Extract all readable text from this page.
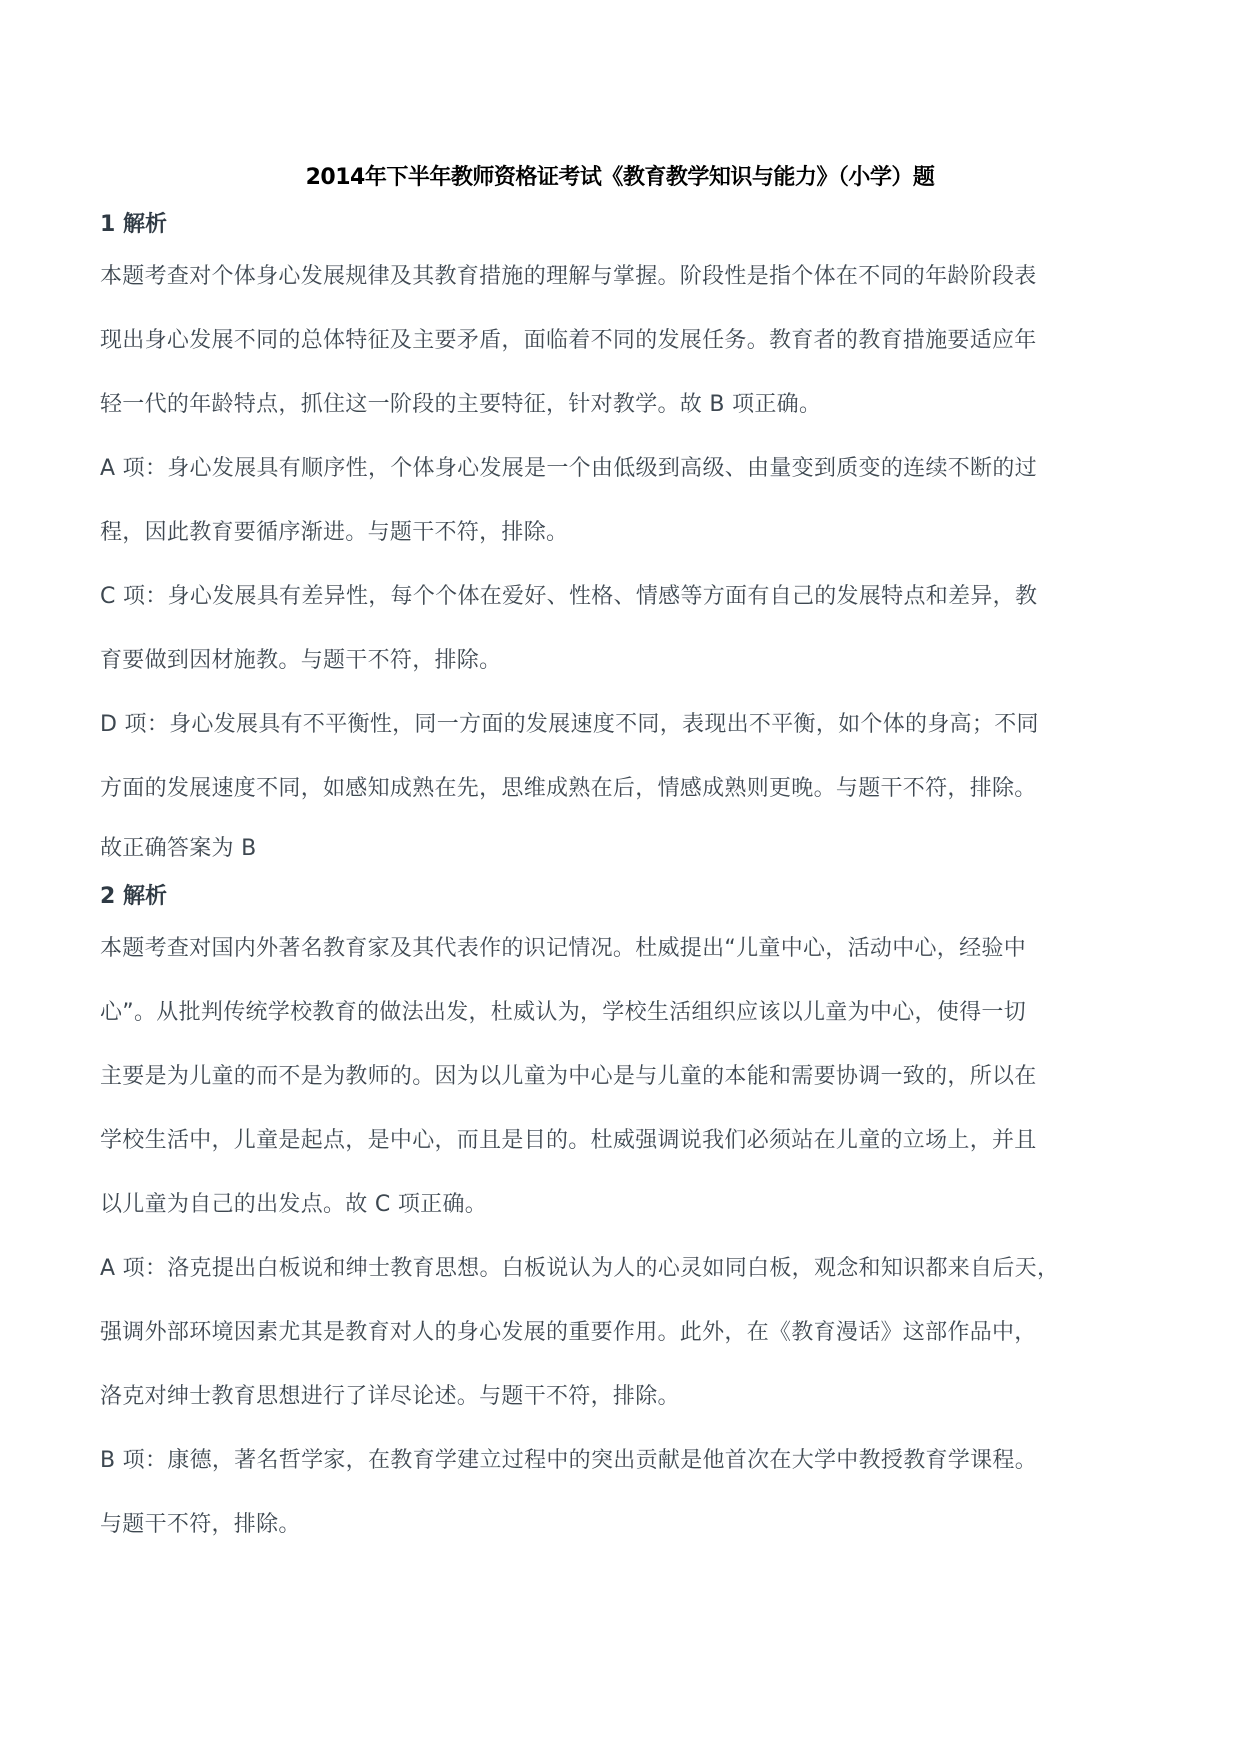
2014年下半年教师资格证考试《教育教学知识与能力》（小学）题
1 解析
本题考查对个体身心发展规律及其教育措施的理解与掌握。阶段性是指个体在不同的年龄阶段表
现出身心发展不同的总体特征及主要矛盾，面临着不同的发展任务。教育者的教育措施要适应年
轻一代的年龄特点，抓住这一阶段的主要特征，针对教学。故 B 项正确。
A 项：身心发展具有顺序性，个体身心发展是一个由低级到高级、由量变到质变的连续不断的过
程，因此教育要循序渐进。与题干不符，排除。
C 项：身心发展具有差异性，每个个体在爱好、性格、情感等方面有自己的发展特点和差异，教
育要做到因材施教。与题干不符，排除。
D 项：身心发展具有不平衡性，同一方面的发展速度不同，表现出不平衡，如个体的身高；不同
方面的发展速度不同，如感知成熟在先，思维成熟在后，情感成熟则更晚。与题干不符，排除。
故正确答案为 B
2 解析
本题考查对国内外著名教育家及其代表作的识记情况。杜威提出“儿童中心，活动中心，经验中
心”。从批判传统学校教育的做法出发，杜威认为，学校生活组织应该以儿童为中心，使得一切
主要是为儿童的而不是为教师的。因为以儿童为中心是与儿童的本能和需要协调一致的，所以在
学校生活中，儿童是起点，是中心，而且是目的。杜威强调说我们必须站在儿童的立场上，并且
以儿童为自己的出发点。故 C 项正确。
A 项：洛克提出白板说和绅士教育思想。白板说认为人的心灵如同白板，观念和知识都来自后天，
强调外部环境因素尤其是教育对人的身心发展的重要作用。此外，在《教育漫话》这部作品中，
洛克对绅士教育思想进行了详尽论述。与题干不符，排除。
B 项：康德，著名哲学家，在教育学建立过程中的突出贡献是他首次在大学中教授教育学课程。
与题干不符，排除。
